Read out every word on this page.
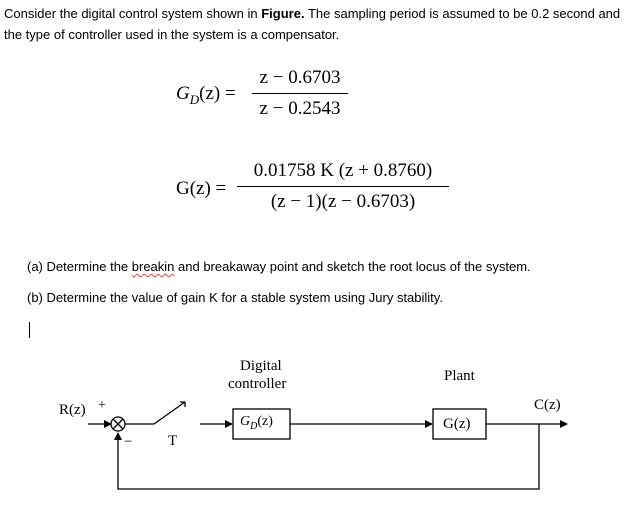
Consider the digital control system shown in Figure. The sampling period is assumed to be 0.2 second and the type of controller used in the system is a compensator.
$G_D(z)$ =
z − 0.6703
z − 0.2543
G(z) =
0.01758 K (z + 0.8760)
(z − 1)(z − 0.6703)
(a) Determine the breakin and breakaway point and sketch the root locus of the system.
(b) Determine the value of gain K for a stable system using Jury stability.
R(z) +
− T
Digital
controller
$G_D(z)$
Plant
G(z)
C(z)
